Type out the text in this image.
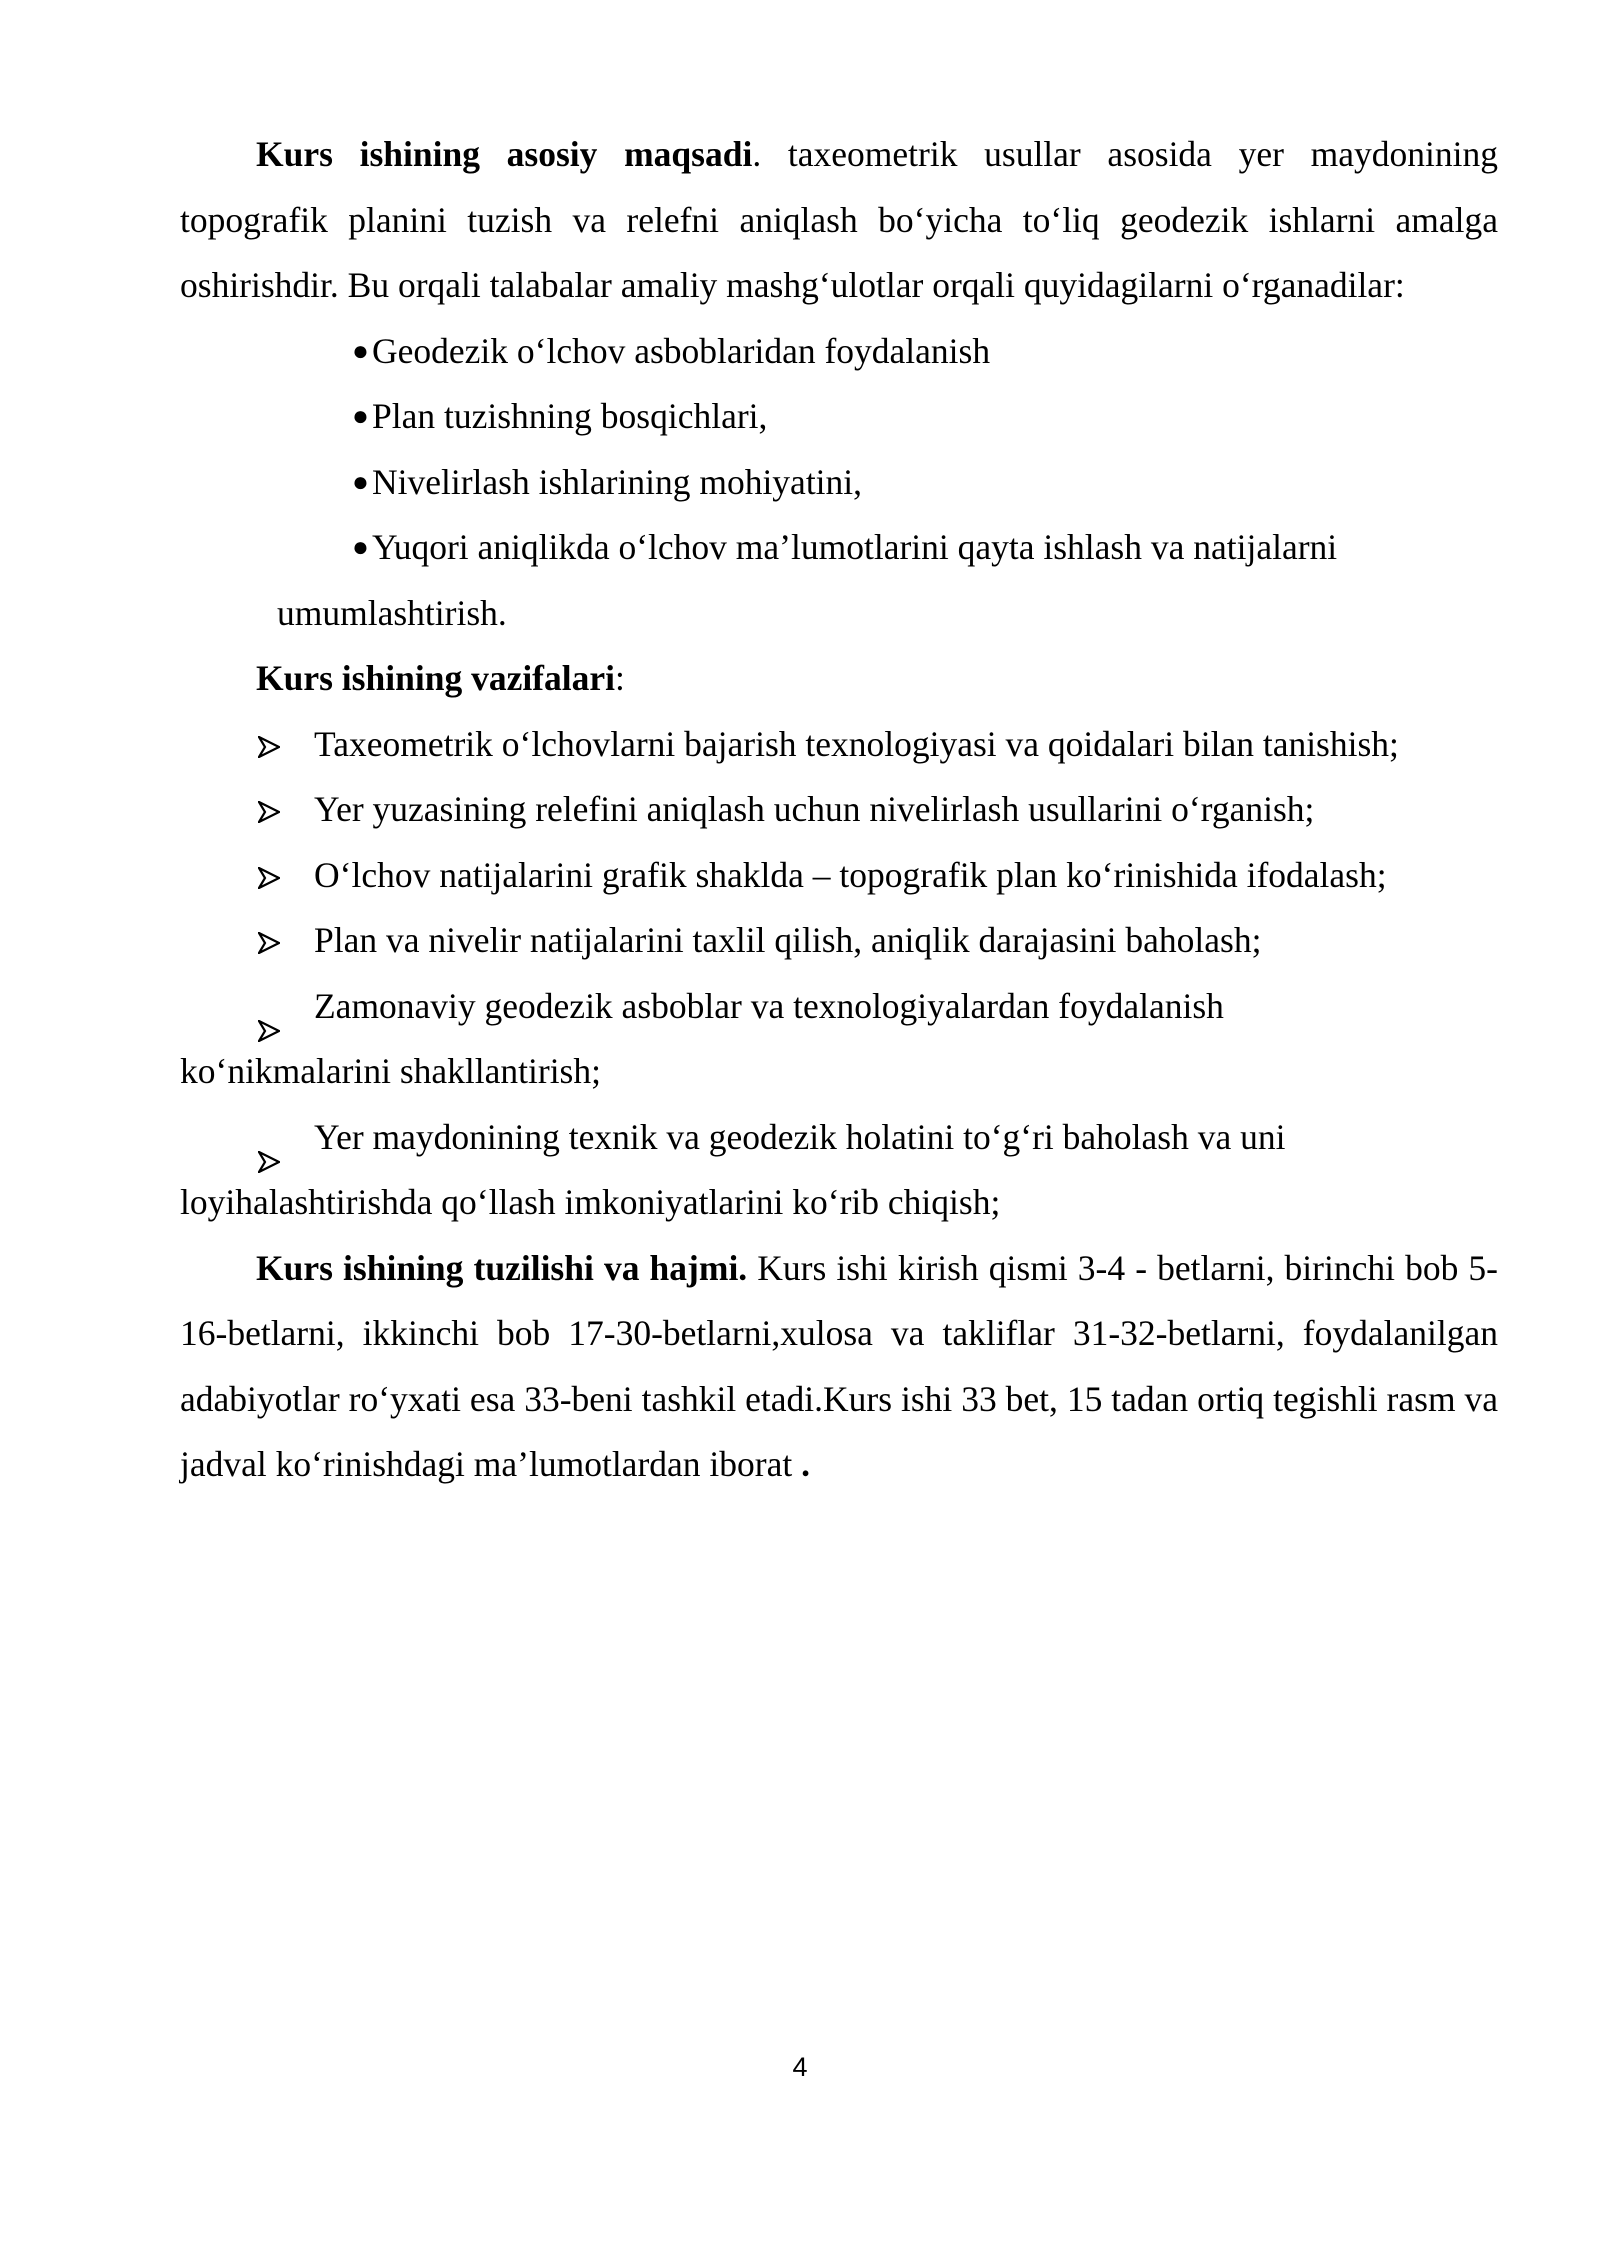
Kurs ishining asosiy maqsadi. taxeometrik usullar asosida yer maydonining topografik planini tuzish va relefni aniqlash bo‘yicha to‘liq geodezik ishlarni amalga oshirishdir. Bu orqali talabalar amaliy mashg‘ulotlar orqali quyidagilarni o‘rganadilar:

● Geodezik o‘lchov asboblaridan foydalanish
● Plan tuzishning bosqichlari,
● Nivelirlash ishlarining mohiyatini,
● Yuqori aniqlikda o‘lchov ma’lumotlarini qayta ishlash va natijalarni

umumlashtirish.

Kurs ishining vazifalari:

Taxeometrik o‘lchovlarni bajarish texnologiyasi va qoidalari bilan tanishish;
Yer yuzasining relefini aniqlash uchun nivelirlash usullarini o‘rganish;
O‘lchov natijalarini grafik shaklda – topografik plan ko‘rinishida ifodalash;
Plan va nivelir natijalarini taxlil qilish, aniqlik darajasini baholash;
Zamonaviy geodezik asboblar va texnologiyalardan foydalanish
ko‘nikmalarini shakllantirish;
Yer maydonining texnik va geodezik holatini to‘g‘ri baholash va uni
loyihalashtirishda qo‘llash imkoniyatlarini ko‘rib chiqish;

Kurs ishining tuzilishi va hajmi. Kurs ishi kirish qismi 3-4 - betlarni, birinchi bob 5-16-betlarni, ikkinchi bob 17-30-betlarni,xulosa va takliflar 31-32-betlarni, foydalanilgan adabiyotlar ro‘yxati esa 33-beni tashkil etadi.Kurs ishi 33 bet, 15 tadan ortiq tegishli rasm va jadval ko‘rinishdagi ma’lumotlardan iborat .

4
